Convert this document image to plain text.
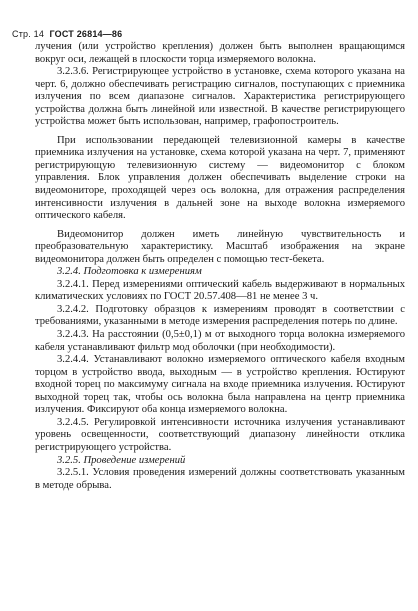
Стр. 14 ГОСТ 26814—86

лучения (или устройство крепления) должен быть выполнен вращающимся вокруг оси, лежащей в плоскости торца измеряемого волокна.

3.2.3.6. Регистрирующее устройство в установке, схема которого указана на черт. 6, должно обеспечивать регистрацию сигналов, поступающих с приемника излучения по всем диапазоне сигналов. Характеристика регистрирующего устройства должна быть линейной или известной. В качестве регистрирующего устройства может быть использован, например, графопостроитель.

При использовании передающей телевизионной камеры в качестве приемника излучения на установке, схема которой указана на черт. 7, применяют регистрирующую телевизионную систему — видеомонитор с блоком управления. Блок управления должен обеспечивать выделение строки на видеомониторе, проходящей через ось волокна, для отражения распределения интенсивности излучения в дальней зоне на выходе волокна измеряемого оптического кабеля.

Видеомонитор должен иметь линейную чувствительность и преобразовательную характеристику. Масштаб изображения на экране видеомонитора должен быть определен с помощью тест-бекета.

3.2.4. Подготовка к измерениям

3.2.4.1. Перед измерениями оптический кабель выдерживают в нормальных климатических условиях по ГОСТ 20.57.408—81 не менее 3 ч.

3.2.4.2. Подготовку образцов к измерениям проводят в соответствии с требованиями, указанными в методе измерения распределения потерь по длине.

3.2.4.3. На расстоянии (0,5±0,1) м от выходного торца волокна измеряемого кабеля устанавливают фильтр мод оболочки (при необходимости).

3.2.4.4. Устанавливают волокно измеряемого оптического кабеля входным торцом в устройство ввода, выходным — в устройство крепления. Юстируют входной торец по максимуму сигнала на входе приемника излучения. Юстируют выходной торец так, чтобы ось волокна была направлена на центр приемника излучения. Фиксируют оба конца измеряемого волокна.

3.2.4.5. Регулировкой интенсивности источника излучения устанавливают уровень освещенности, соответствующий диапазону линейности отклика регистрирующего устройства.

3.2.5. Проведение измерений

3.2.5.1. Условия проведения измерений должны соответствовать указанным в методе обрыва.
